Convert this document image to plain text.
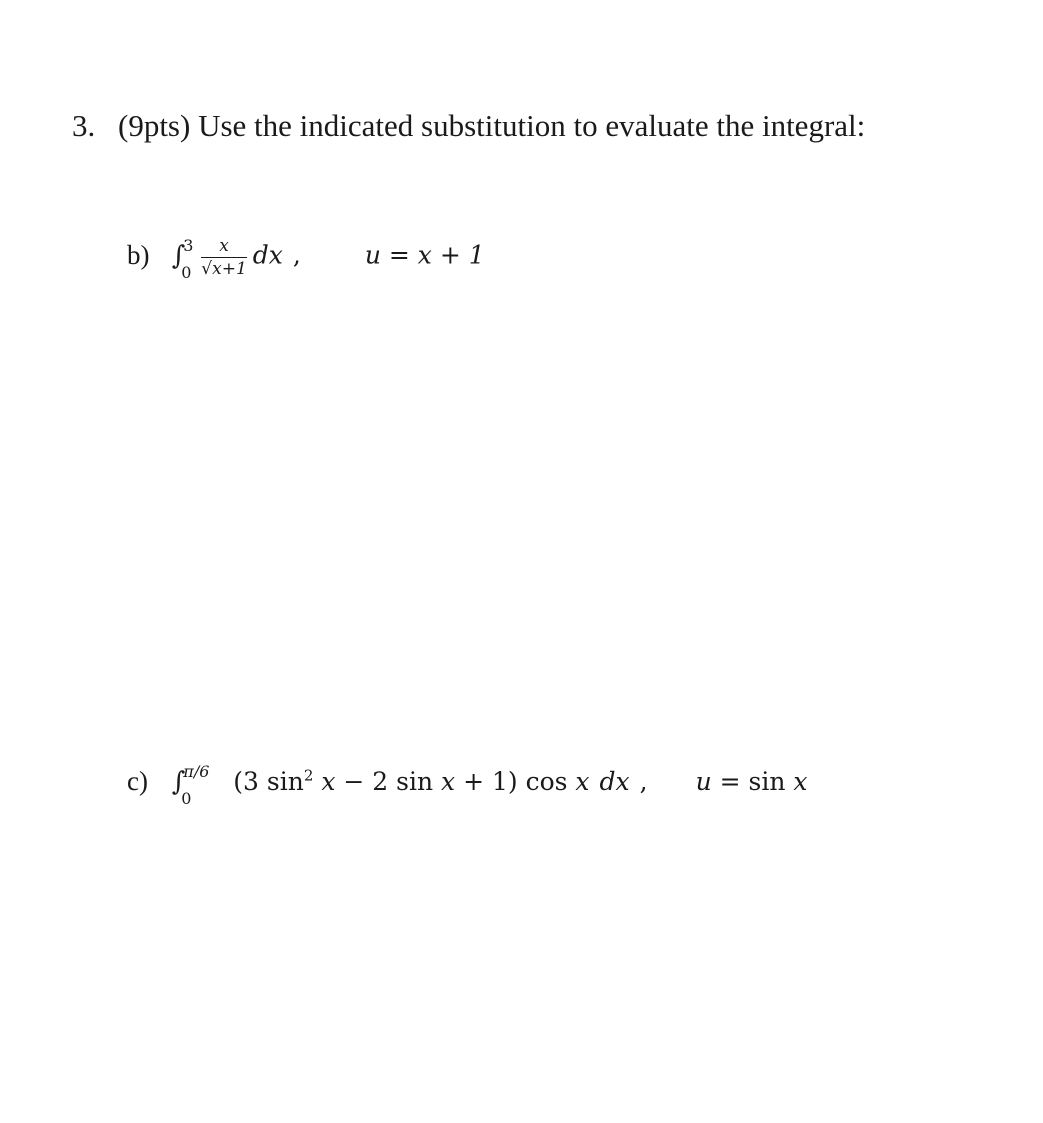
3. (9pts) Use the indicated substitution to evaluate the integral:
b) ∫
3
$0 \frac{x}{√x+1}$ dx ,	u = x + 1
c) ∫
π/6
0
(3 $\sin^2 x - 2$ sin x + 1) cos x dx , u = sin x
